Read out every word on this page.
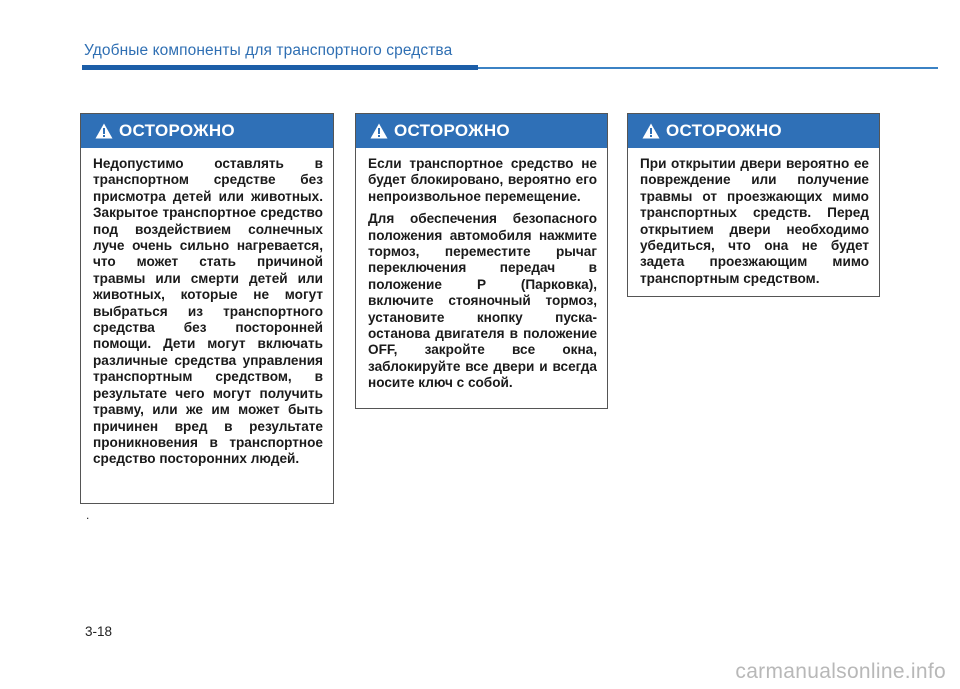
Удобные компоненты для транспортного средства
ОСТОРОЖНО

Недопустимо оставлять в транспортном средстве без присмотра детей или животных. Закрытое транспортное средство под воздействием солнечных луче очень сильно нагревается, что может стать причиной травмы или смерти детей или животных, которые не могут выбраться из транспортного средства без посторонней помощи. Дети могут включать различные средства управления транспортным средством, в результате чего могут получить травму, или же им может быть причинен вред в результате проникновения в транспортное средство посторонних людей.

ОСТОРОЖНО

Если транспортное средство не будет блокировано, вероятно его непроизвольное перемещение.

Для обеспечения безопасного положения автомобиля нажмите тормоз, переместите рычаг переключения передач в положение P (Парковка), включите стояночный тормоз, установите кнопку пуска-останова двигателя в положение OFF, закройте все окна, заблокируйте все двери и всегда носите ключ с собой.

ОСТОРОЖНО

При открытии двери вероятно ее повреждение или получение травмы от проезжающих мимо транспортных средств. Перед открытием двери необходимо убедиться, что она не будет задета проезжающим мимо транспортным средством.

.
3-18
carmanualsonline.info
